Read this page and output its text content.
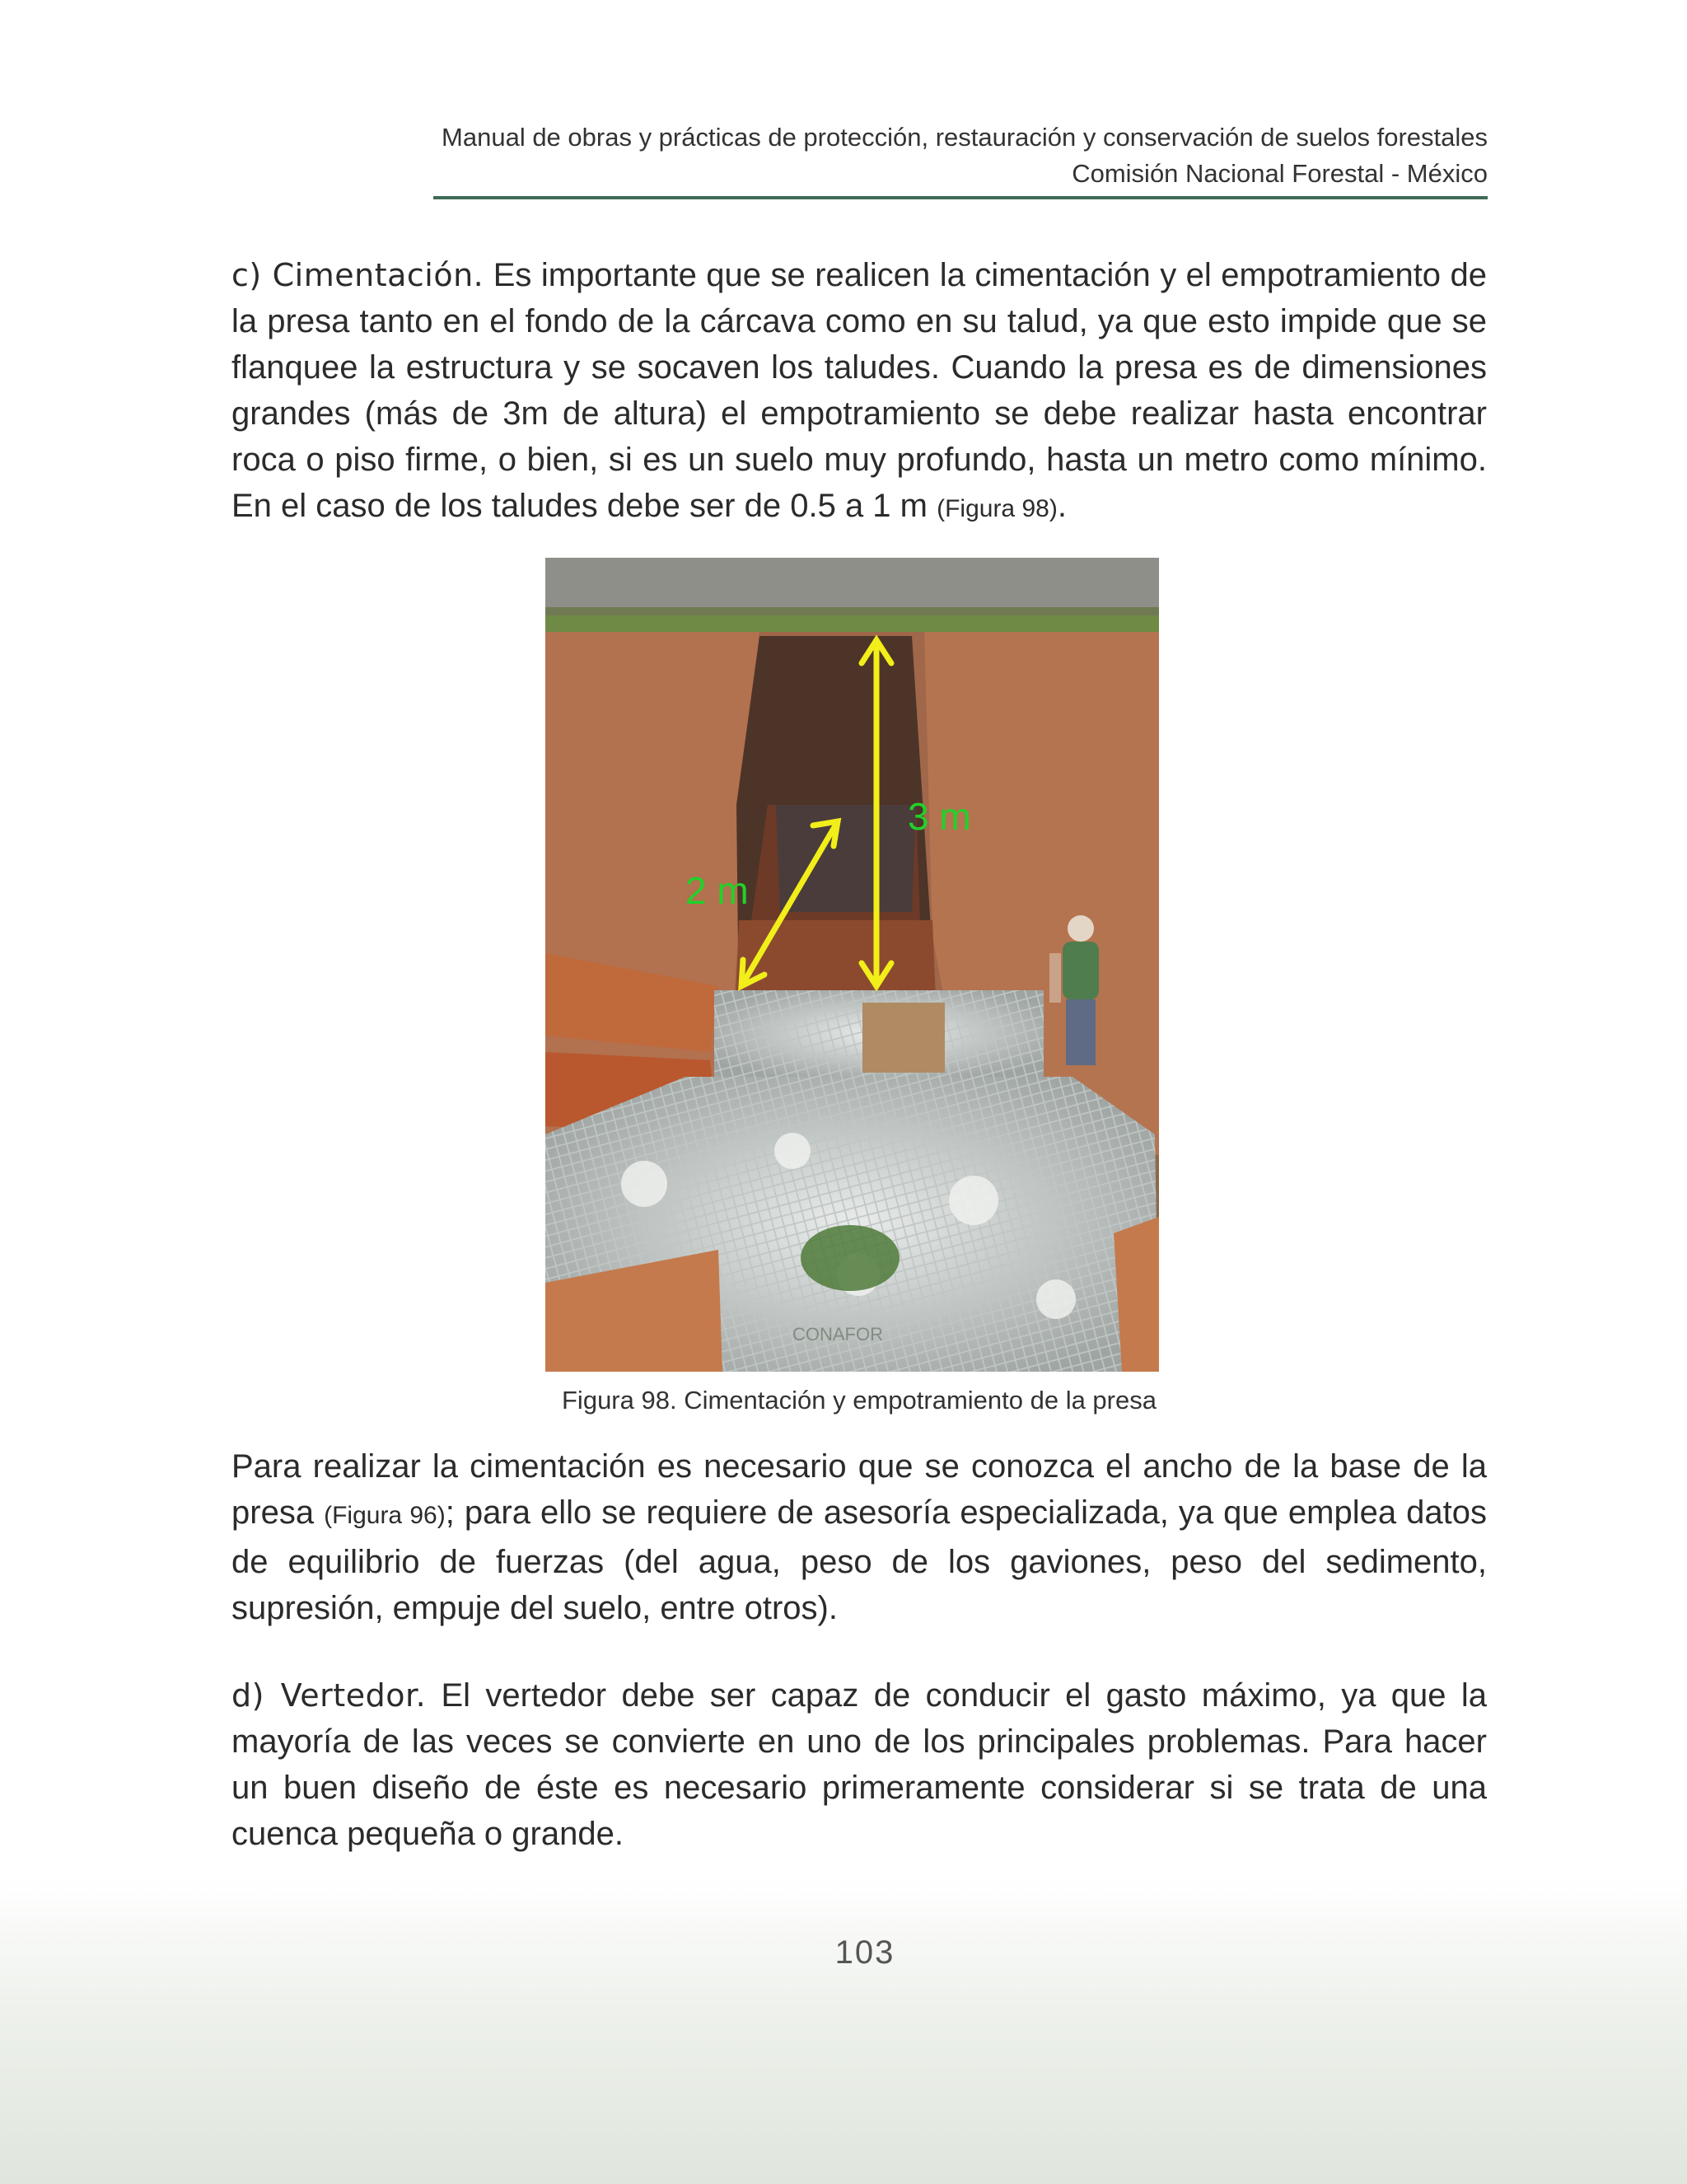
Manual de obras y prácticas de protección, restauración y conservación de suelos forestales
Comisión Nacional Forestal - México
c) Cimentación. Es importante que se realicen la cimentación y el empotramiento de la presa tanto en el fondo de la cárcava como en su talud, ya que esto impide que se flanquee la estructura y se socaven los taludes. Cuando la presa es de dimensiones grandes (más de 3m de altura) el empotramiento se debe realizar hasta encontrar roca o piso firme, o bien, si es un suelo muy profundo, hasta un metro como mínimo. En el caso de los taludes debe ser de 0.5 a 1 m (Figura 98).
3 m
2 m
CONAFOR
Figura 98. Cimentación y empotramiento de la presa
Para realizar la cimentación es necesario que se conozca el ancho de la base de la presa (Figura 96); para ello se requiere de asesoría especializada, ya que emplea datos de equilibrio de fuerzas (del agua, peso de los gaviones, peso del sedimento, supresión, empuje del suelo, entre otros).
d) Vertedor. El vertedor debe ser capaz de conducir el gasto máximo, ya que la mayoría de las veces se convierte en uno de los principales problemas. Para hacer un buen diseño de éste es necesario primeramente considerar si se trata de una cuenca pequeña o grande.
103
